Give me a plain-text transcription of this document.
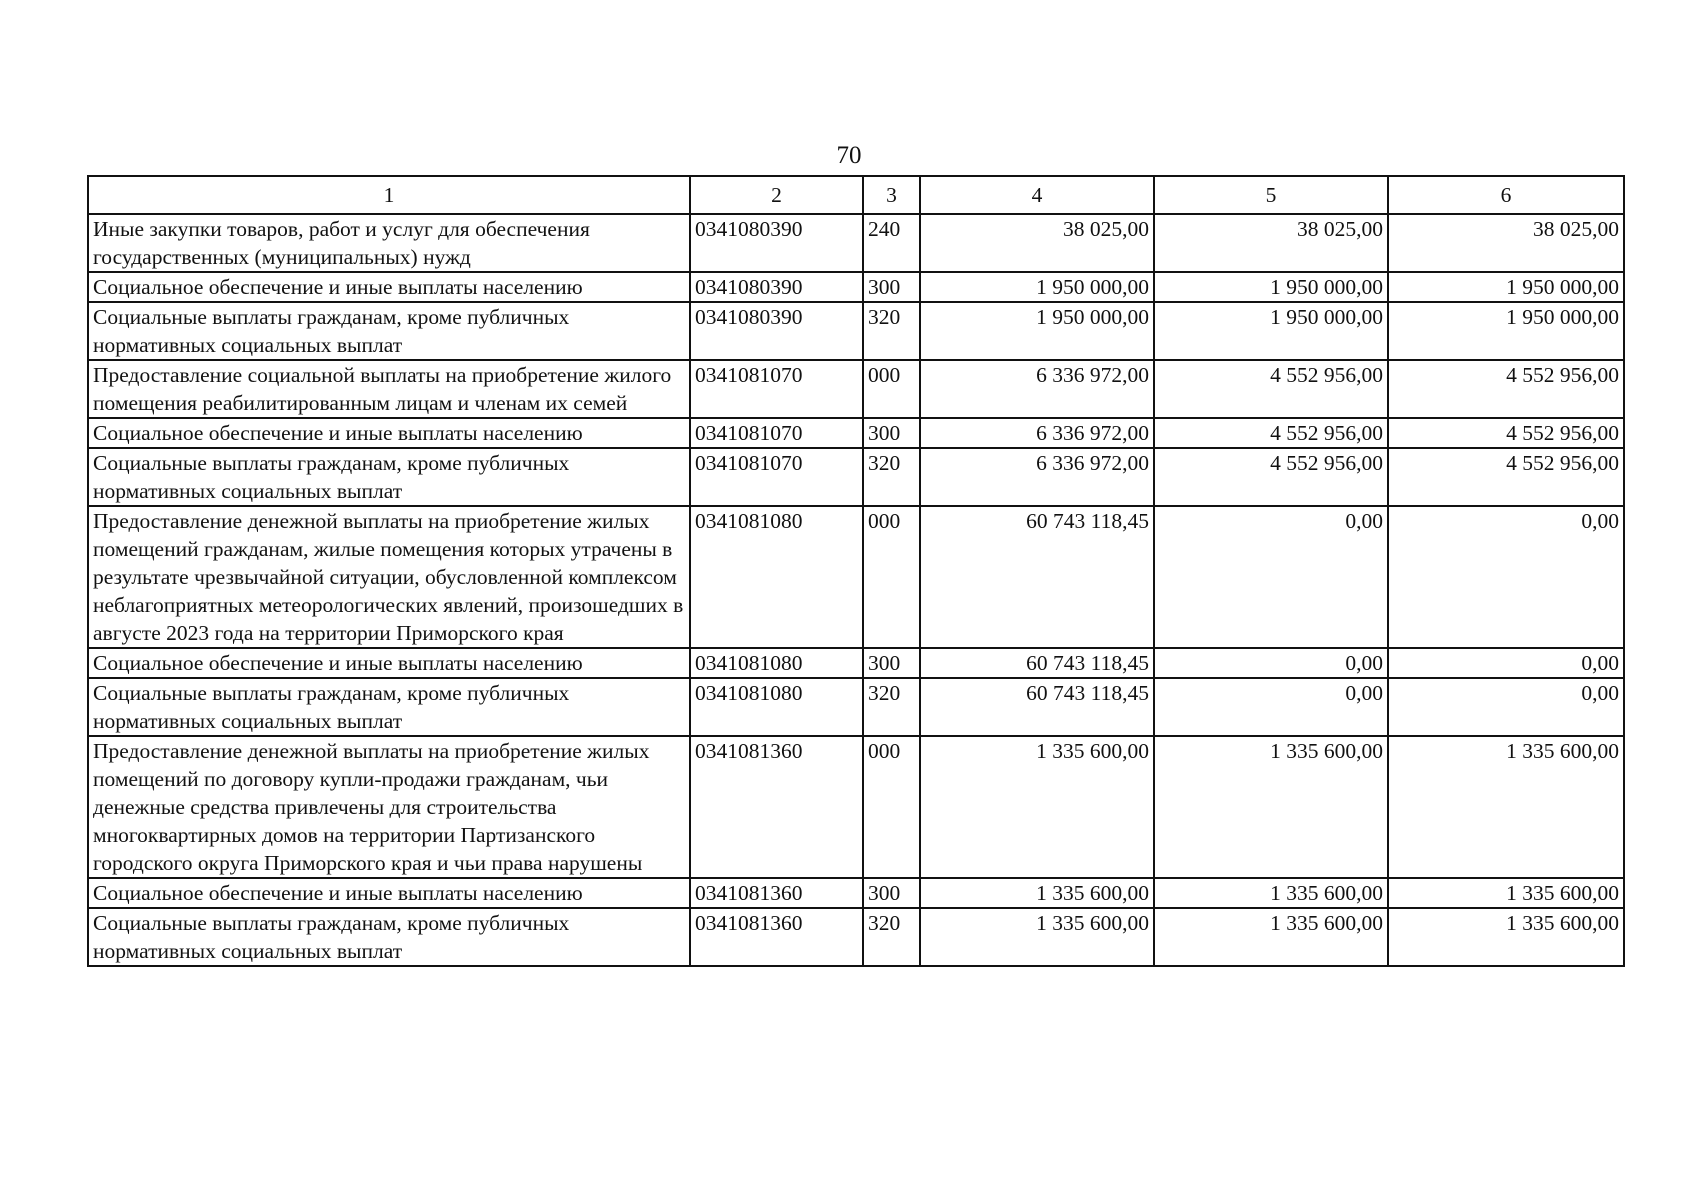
70
1	2	3	4	5	6
Иные закупки товаров, работ и услуг для обеспечения государственных (муниципальных) нужд	0341080390	240	38 025,00	38 025,00	38 025,00
Социальное обеспечение и иные выплаты населению	0341080390	300	1 950 000,00	1 950 000,00	1 950 000,00
Социальные выплаты гражданам, кроме публичных нормативных социальных выплат	0341080390	320	1 950 000,00	1 950 000,00	1 950 000,00
Предоставление социальной выплаты на приобретение жилого помещения реабилитированным лицам и членам их семей	0341081070	000	6 336 972,00	4 552 956,00	4 552 956,00
Социальное обеспечение и иные выплаты населению	0341081070	300	6 336 972,00	4 552 956,00	4 552 956,00
Социальные выплаты гражданам, кроме публичных нормативных социальных выплат	0341081070	320	6 336 972,00	4 552 956,00	4 552 956,00
Предоставление денежной выплаты на приобретение жилых помещений гражданам, жилые помещения которых утрачены в результате чрезвычайной ситуации, обусловленной комплексом неблагоприятных метеорологических явлений, произошедших в августе 2023 года на территории Приморского края	0341081080	000	60 743 118,45	0,00	0,00
Социальное обеспечение и иные выплаты населению	0341081080	300	60 743 118,45	0,00	0,00
Социальные выплаты гражданам, кроме публичных нормативных социальных выплат	0341081080	320	60 743 118,45	0,00	0,00
Предоставление денежной выплаты на приобретение жилых помещений по договору купли-продажи гражданам, чьи денежные средства привлечены для строительства многоквартирных домов на территории Партизанского городского округа Приморского края и чьи права нарушены	0341081360	000	1 335 600,00	1 335 600,00	1 335 600,00
Социальное обеспечение и иные выплаты населению	0341081360	300	1 335 600,00	1 335 600,00	1 335 600,00
Социальные выплаты гражданам, кроме публичных нормативных социальных выплат	0341081360	320	1 335 600,00	1 335 600,00	1 335 600,00
